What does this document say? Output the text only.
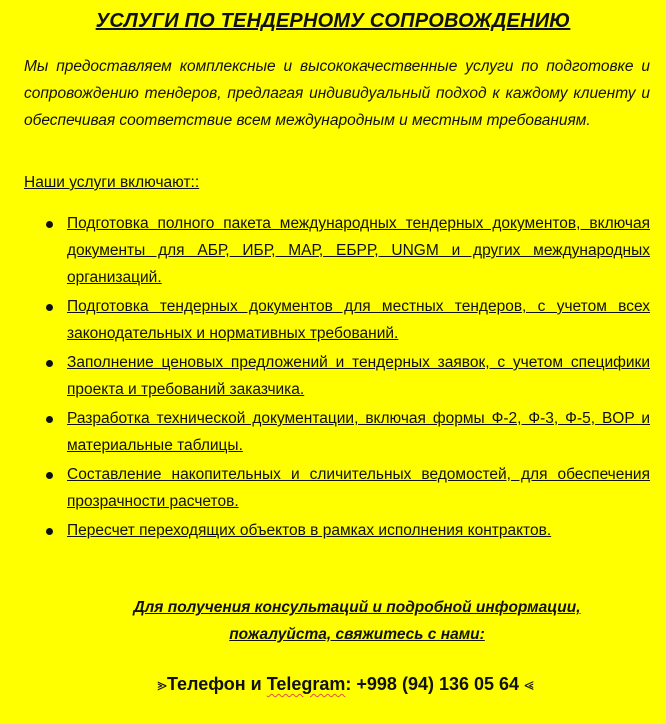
УСЛУГИ ПО ТЕНДЕРНОМУ СОПРОВОЖДЕНИЮ
Мы предоставляем комплексные и высококачественные услуги по подготовке и сопровождению тендеров, предлагая индивидуальный подход к каждому клиенту и обеспечивая соответствие всем международным и местным требованиям.
Наши услуги включают::
Подготовка полного пакета международных тендерных документов, включая документы для АБР, ИБР, МАР, ЕБРР, UNGM и других международных организаций.
Подготовка тендерных документов для местных тендеров, с учетом всех законодательных и нормативных требований.
Заполнение ценовых предложений и тендерных заявок, с учетом специфики проекта и требований заказчика.
Разработка технической документации, включая формы Ф-2, Ф-3, Ф-5, BOP и материальные таблицы.
Составление накопительных и сличительных ведомостей, для обеспечения прозрачности расчетов.
Пересчет переходящих объектов в рамках исполнения контрактов.
Для получения консультаций и подробной информации,
пожалуйста, свяжитесь с нами:
⪢Телефон и Telegram: +998 (94) 136 05 64 ⪡
